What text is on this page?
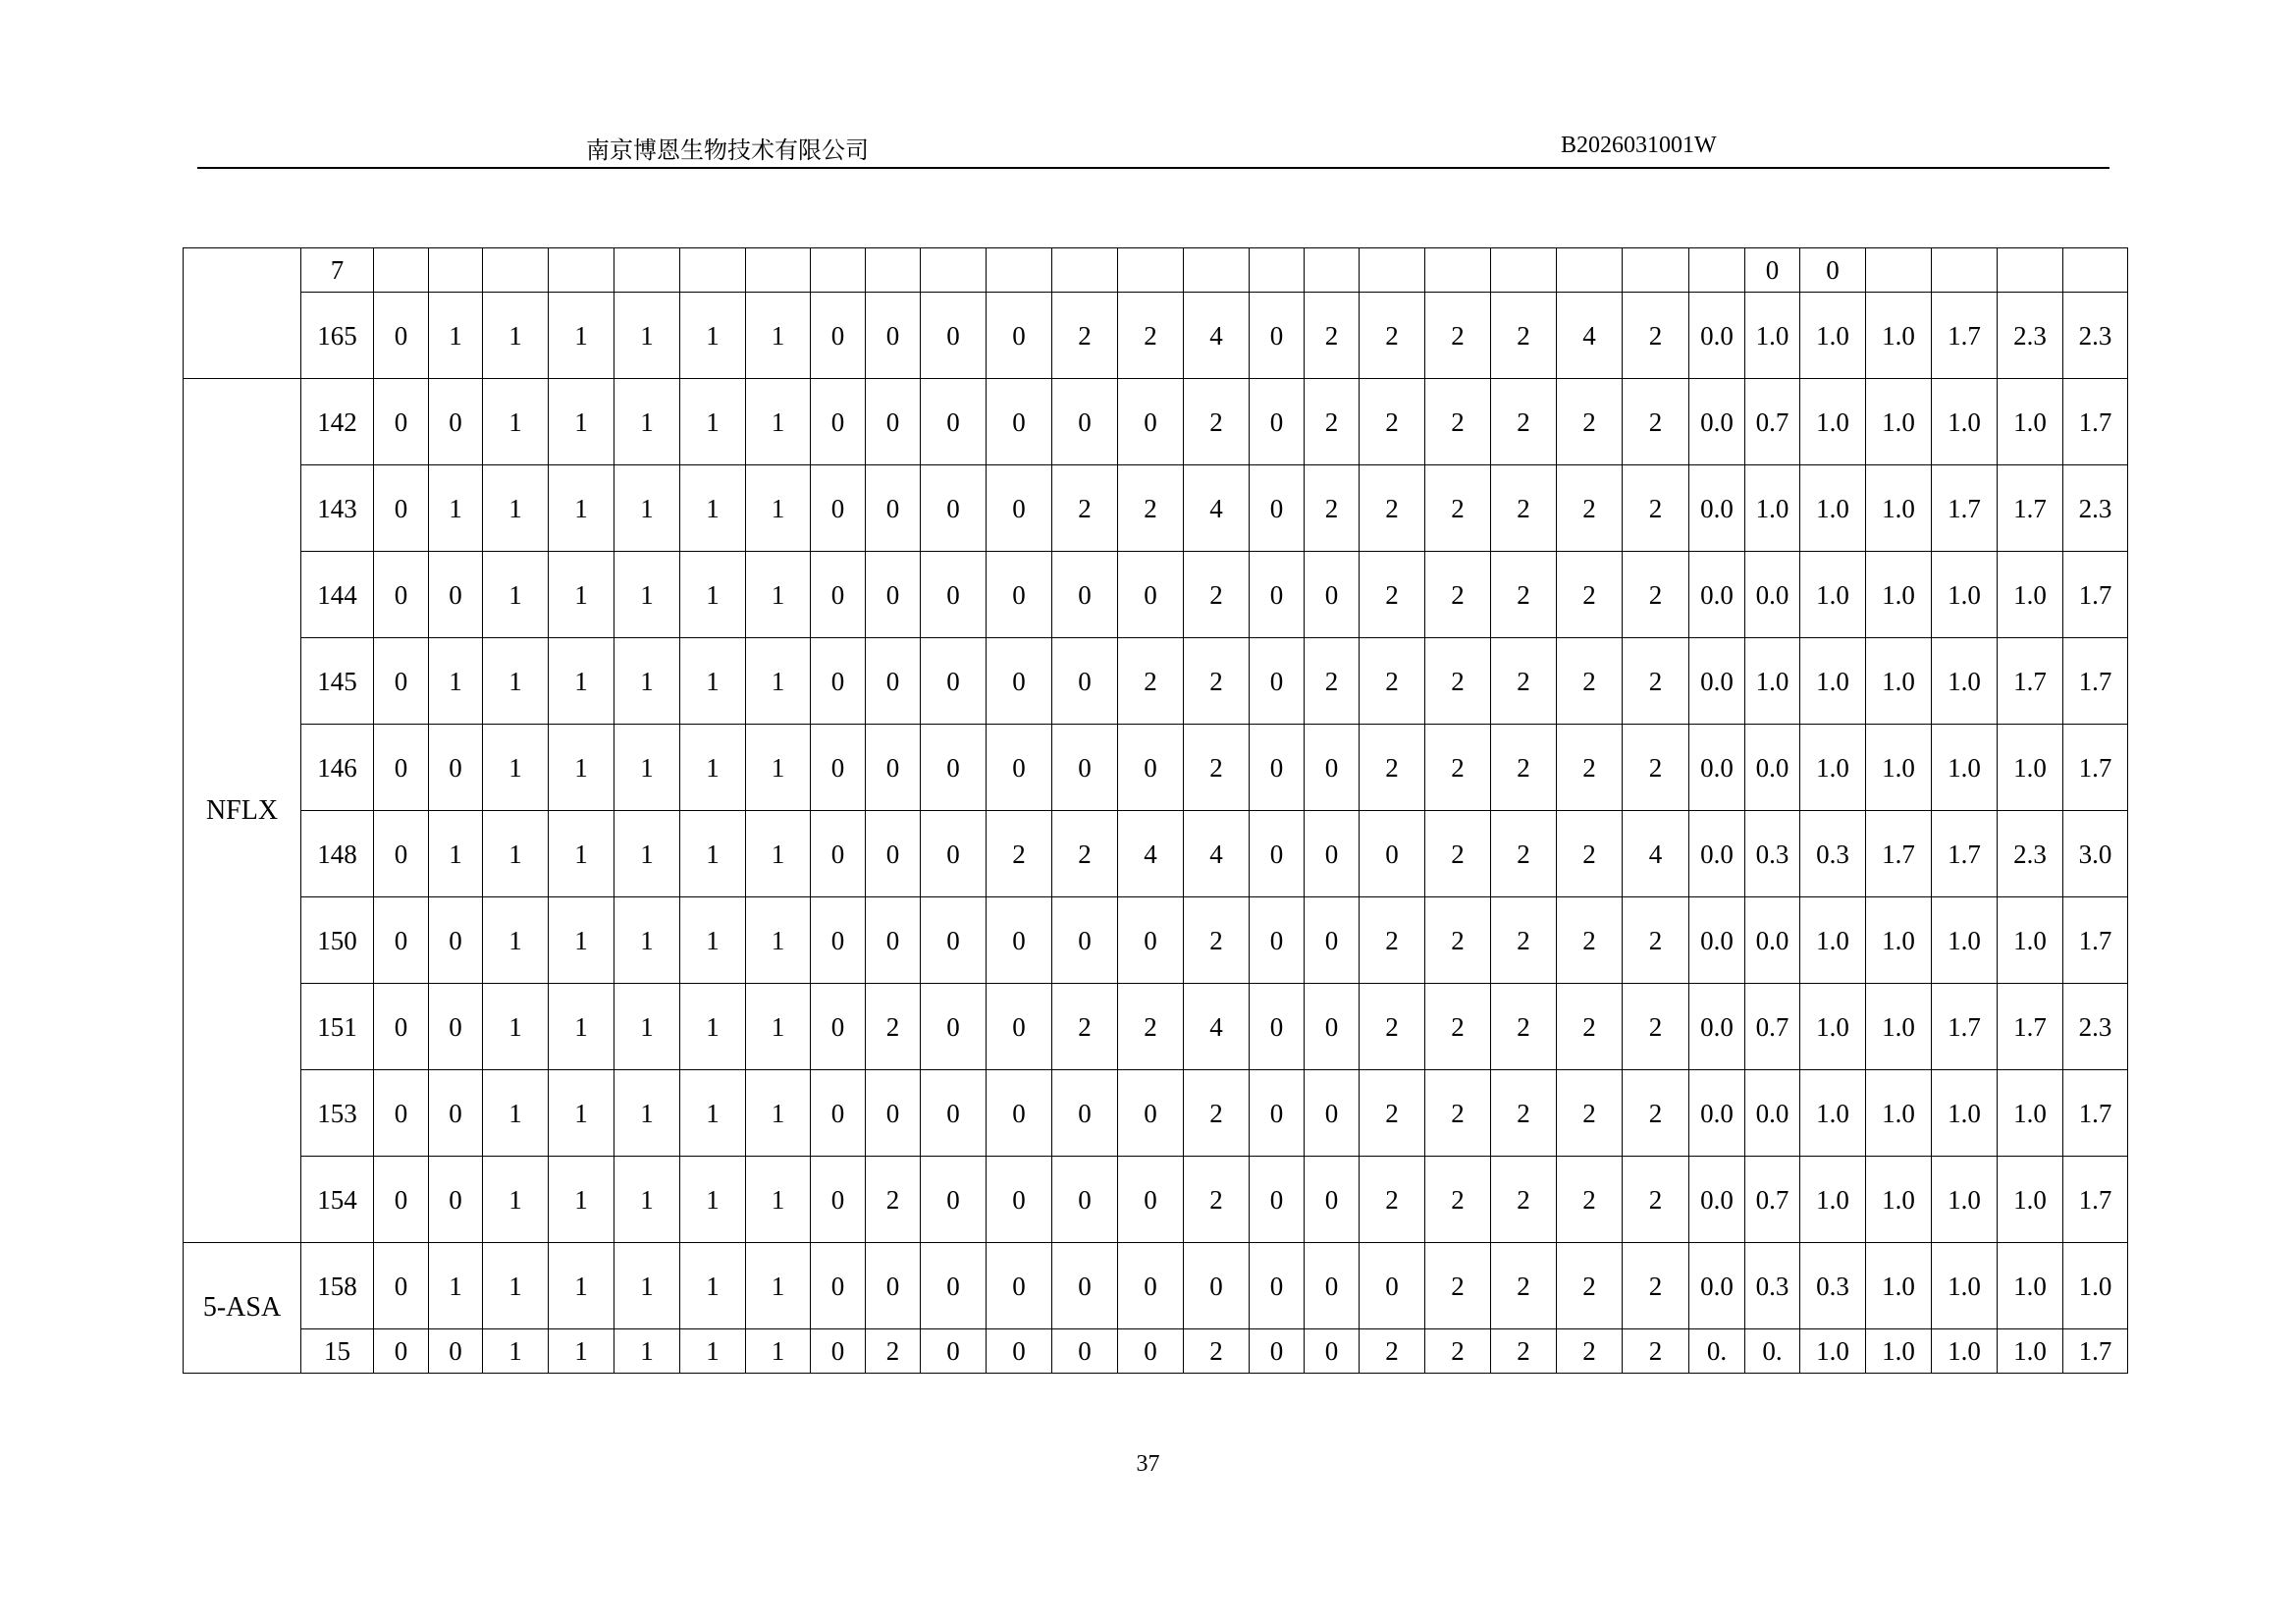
南京博恩生物技术有限公司	B2026031001W
	7																							0	0					
	165	0	1	1	1	1	1	1	0	0	0	0	2	2	4	0	2	2	2	2	4	2	0.0	1.0	1.0	1.0	1.7	2.3	2.3	
NFLX	142	0	0	1	1	1	1	1	0	0	0	0	0	0	2	0	2	2	2	2	2	2	0.0	0.7	1.0	1.0	1.0	1.0	1.7	
	143	0	1	1	1	1	1	1	0	0	0	0	2	2	4	0	2	2	2	2	2	2	0.0	1.0	1.0	1.0	1.7	1.7	2.3	
	144	0	0	1	1	1	1	1	0	0	0	0	0	0	2	0	0	2	2	2	2	2	0.0	0.0	1.0	1.0	1.0	1.0	1.7	
	145	0	1	1	1	1	1	1	0	0	0	0	0	2	2	0	2	2	2	2	2	2	0.0	1.0	1.0	1.0	1.0	1.7	1.7	
	146	0	0	1	1	1	1	1	0	0	0	0	0	0	2	0	0	2	2	2	2	2	0.0	0.0	1.0	1.0	1.0	1.0	1.7	
	148	0	1	1	1	1	1	1	0	0	0	2	2	4	4	0	0	0	2	2	2	4	0.0	0.3	0.3	1.7	1.7	2.3	3.0	
	150	0	0	1	1	1	1	1	0	0	0	0	0	0	2	0	0	2	2	2	2	2	0.0	0.0	1.0	1.0	1.0	1.0	1.7	
	151	0	0	1	1	1	1	1	0	2	0	0	2	2	4	0	0	2	2	2	2	2	0.0	0.7	1.0	1.0	1.7	1.7	2.3	
	153	0	0	1	1	1	1	1	0	0	0	0	0	0	2	0	0	2	2	2	2	2	0.0	0.0	1.0	1.0	1.0	1.0	1.7	
	154	0	0	1	1	1	1	1	0	2	0	0	0	0	2	0	0	2	2	2	2	2	0.0	0.7	1.0	1.0	1.0	1.0	1.7	
5-ASA	158	0	1	1	1	1	1	1	0	0	0	0	0	0	0	0	0	0	2	2	2	2	0.0	0.3	0.3	1.0	1.0	1.0	1.0	
	15	0	0	1	1	1	1	1	0	2	0	0	0	0	2	0	0	2	2	2	2	2	0.	0.	1.0	1.0	1.0	1.0	1.7	
37
